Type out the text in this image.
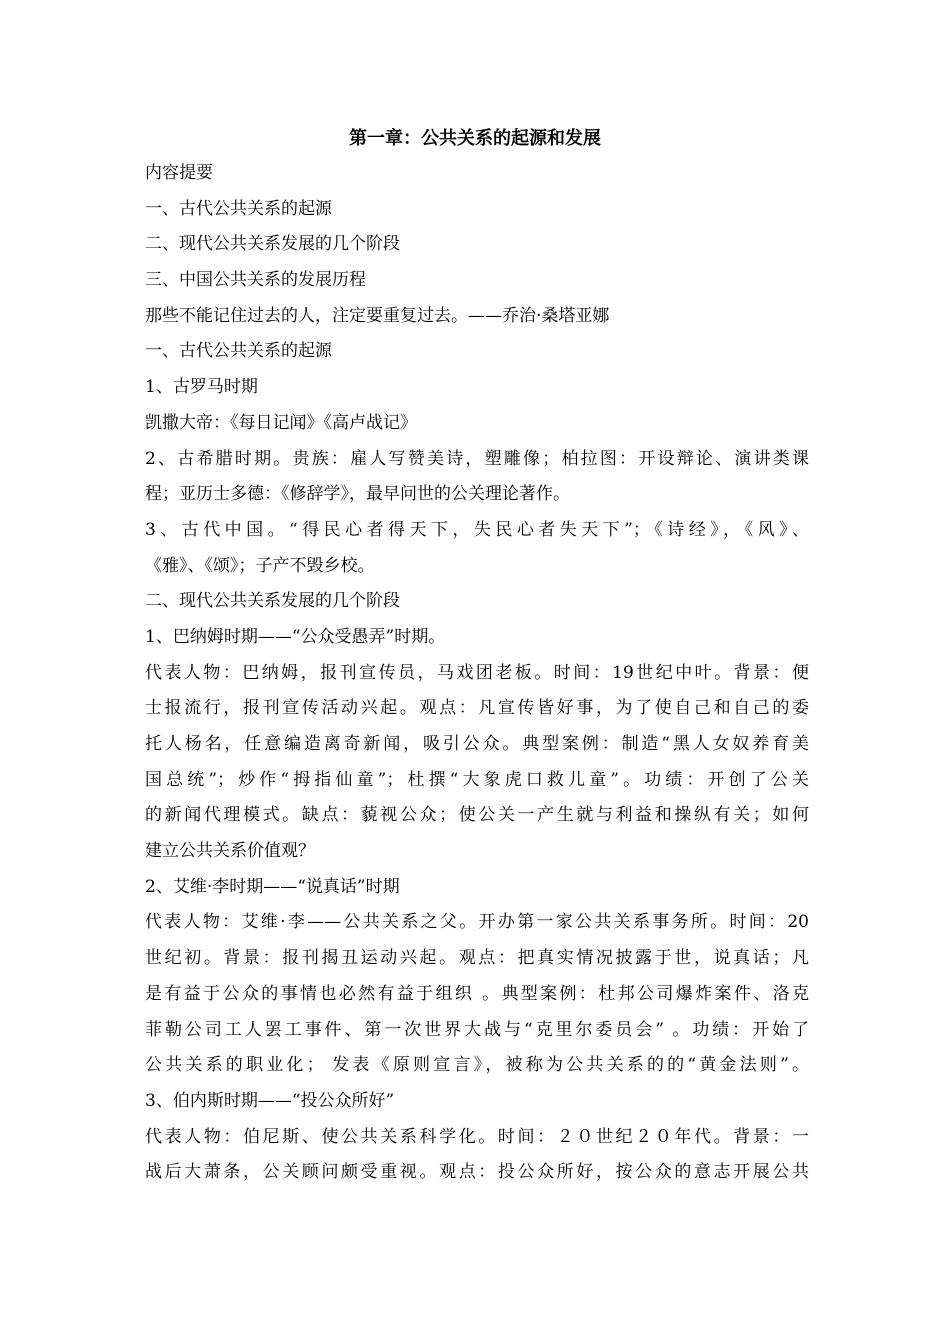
第一章：公共关系的起源和发展
内容提要
一、古代公共关系的起源
二、现代公共关系发展的几个阶段
三、中国公共关系的发展历程
那些不能记住过去的人，注定要重复过去。——乔治·桑塔亚娜
一、古代公共关系的起源
1、古罗马时期
凯撒大帝：《每日记闻》《高卢战记》
2、古希腊时期。贵族：雇人写赞美诗，塑雕像；柏拉图：开设辩论、演讲类课
程；亚历士多德：《修辞学》，最早问世的公关理论著作。
3、古代中国。“得民心者得天下，失民心者失天下”；《诗经》，《风》、
《雅》、《颂》；子产不毁乡校。
二、现代公共关系发展的几个阶段
1、巴纳姆时期——“公众受愚弄”时期。
代表人物：巴纳姆，报刊宣传员，马戏团老板。时间：19世纪中叶。背景：便
士报流行，报刊宣传活动兴起。观点：凡宣传皆好事，为了使自己和自己的委
托人杨名，任意编造离奇新闻，吸引公众。典型案例：制造“黑人女奴养育美
国总统”；炒作“拇指仙童”；杜撰“大象虎口救儿童”。功绩：开创了公关
的新闻代理模式。缺点：藐视公众；使公关一产生就与利益和操纵有关；如何
建立公共关系价值观？
2、艾维·李时期——“说真话”时期
代表人物：艾维·李——公共关系之父。开办第一家公共关系事务所。时间：20
世纪初。背景：报刊揭丑运动兴起。观点：把真实情况披露于世，说真话；凡
是有益于公众的事情也必然有益于组织 。典型案例：杜邦公司爆炸案件、洛克
菲勒公司工人罢工事件、第一次世界大战与“克里尔委员会” 。功绩：开始了
公共关系的职业化； 发表《原则宣言》，被称为公共关系的的“黄金法则”。
3、伯内斯时期——“投公众所好”
代表人物：伯尼斯、使公共关系科学化。时间：２０世纪２０年代。背景：一
战后大萧条，公关顾问颇受重视。观点：投公众所好，按公众的意志开展公共
